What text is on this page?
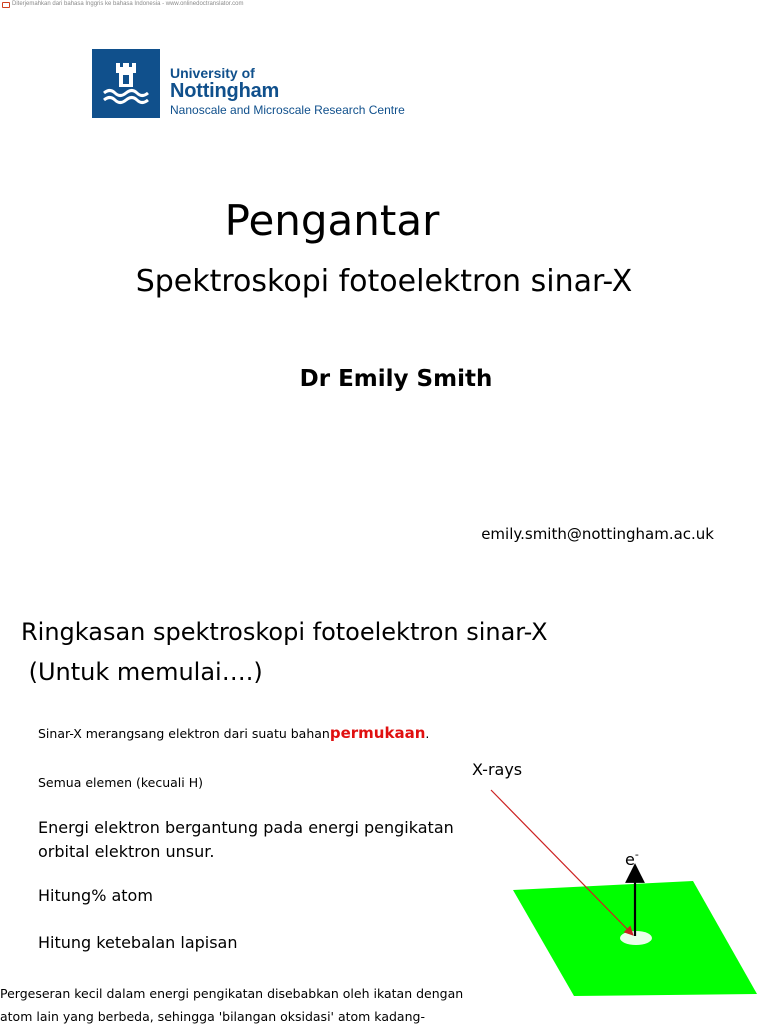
Diterjemahkan dari bahasa Inggris ke bahasa Indonesia - www.onlinedoctranslator.com
University of
Nottingham
Nanoscale and Microscale Research Centre
Pengantar
Spektroskopi fotoelektron sinar-X
Dr Emily Smith
emily.smith@nottingham.ac.uk
Ringkasan spektroskopi fotoelektron sinar-X
(Untuk memulai….)
Sinar-X merangsang elektron dari suatu bahanpermukaan.
Semua elemen (kecuali H)
Energi elektron bergantung pada energi pengikatan orbital elektron unsur.
Hitung% atom
Hitung ketebalan lapisan
Pergeseran kecil dalam energi pengikatan disebabkan oleh ikatan dengan atom lain yang berbeda, sehingga 'bilangan oksidasi' atom kadang-
X-rays
e-
